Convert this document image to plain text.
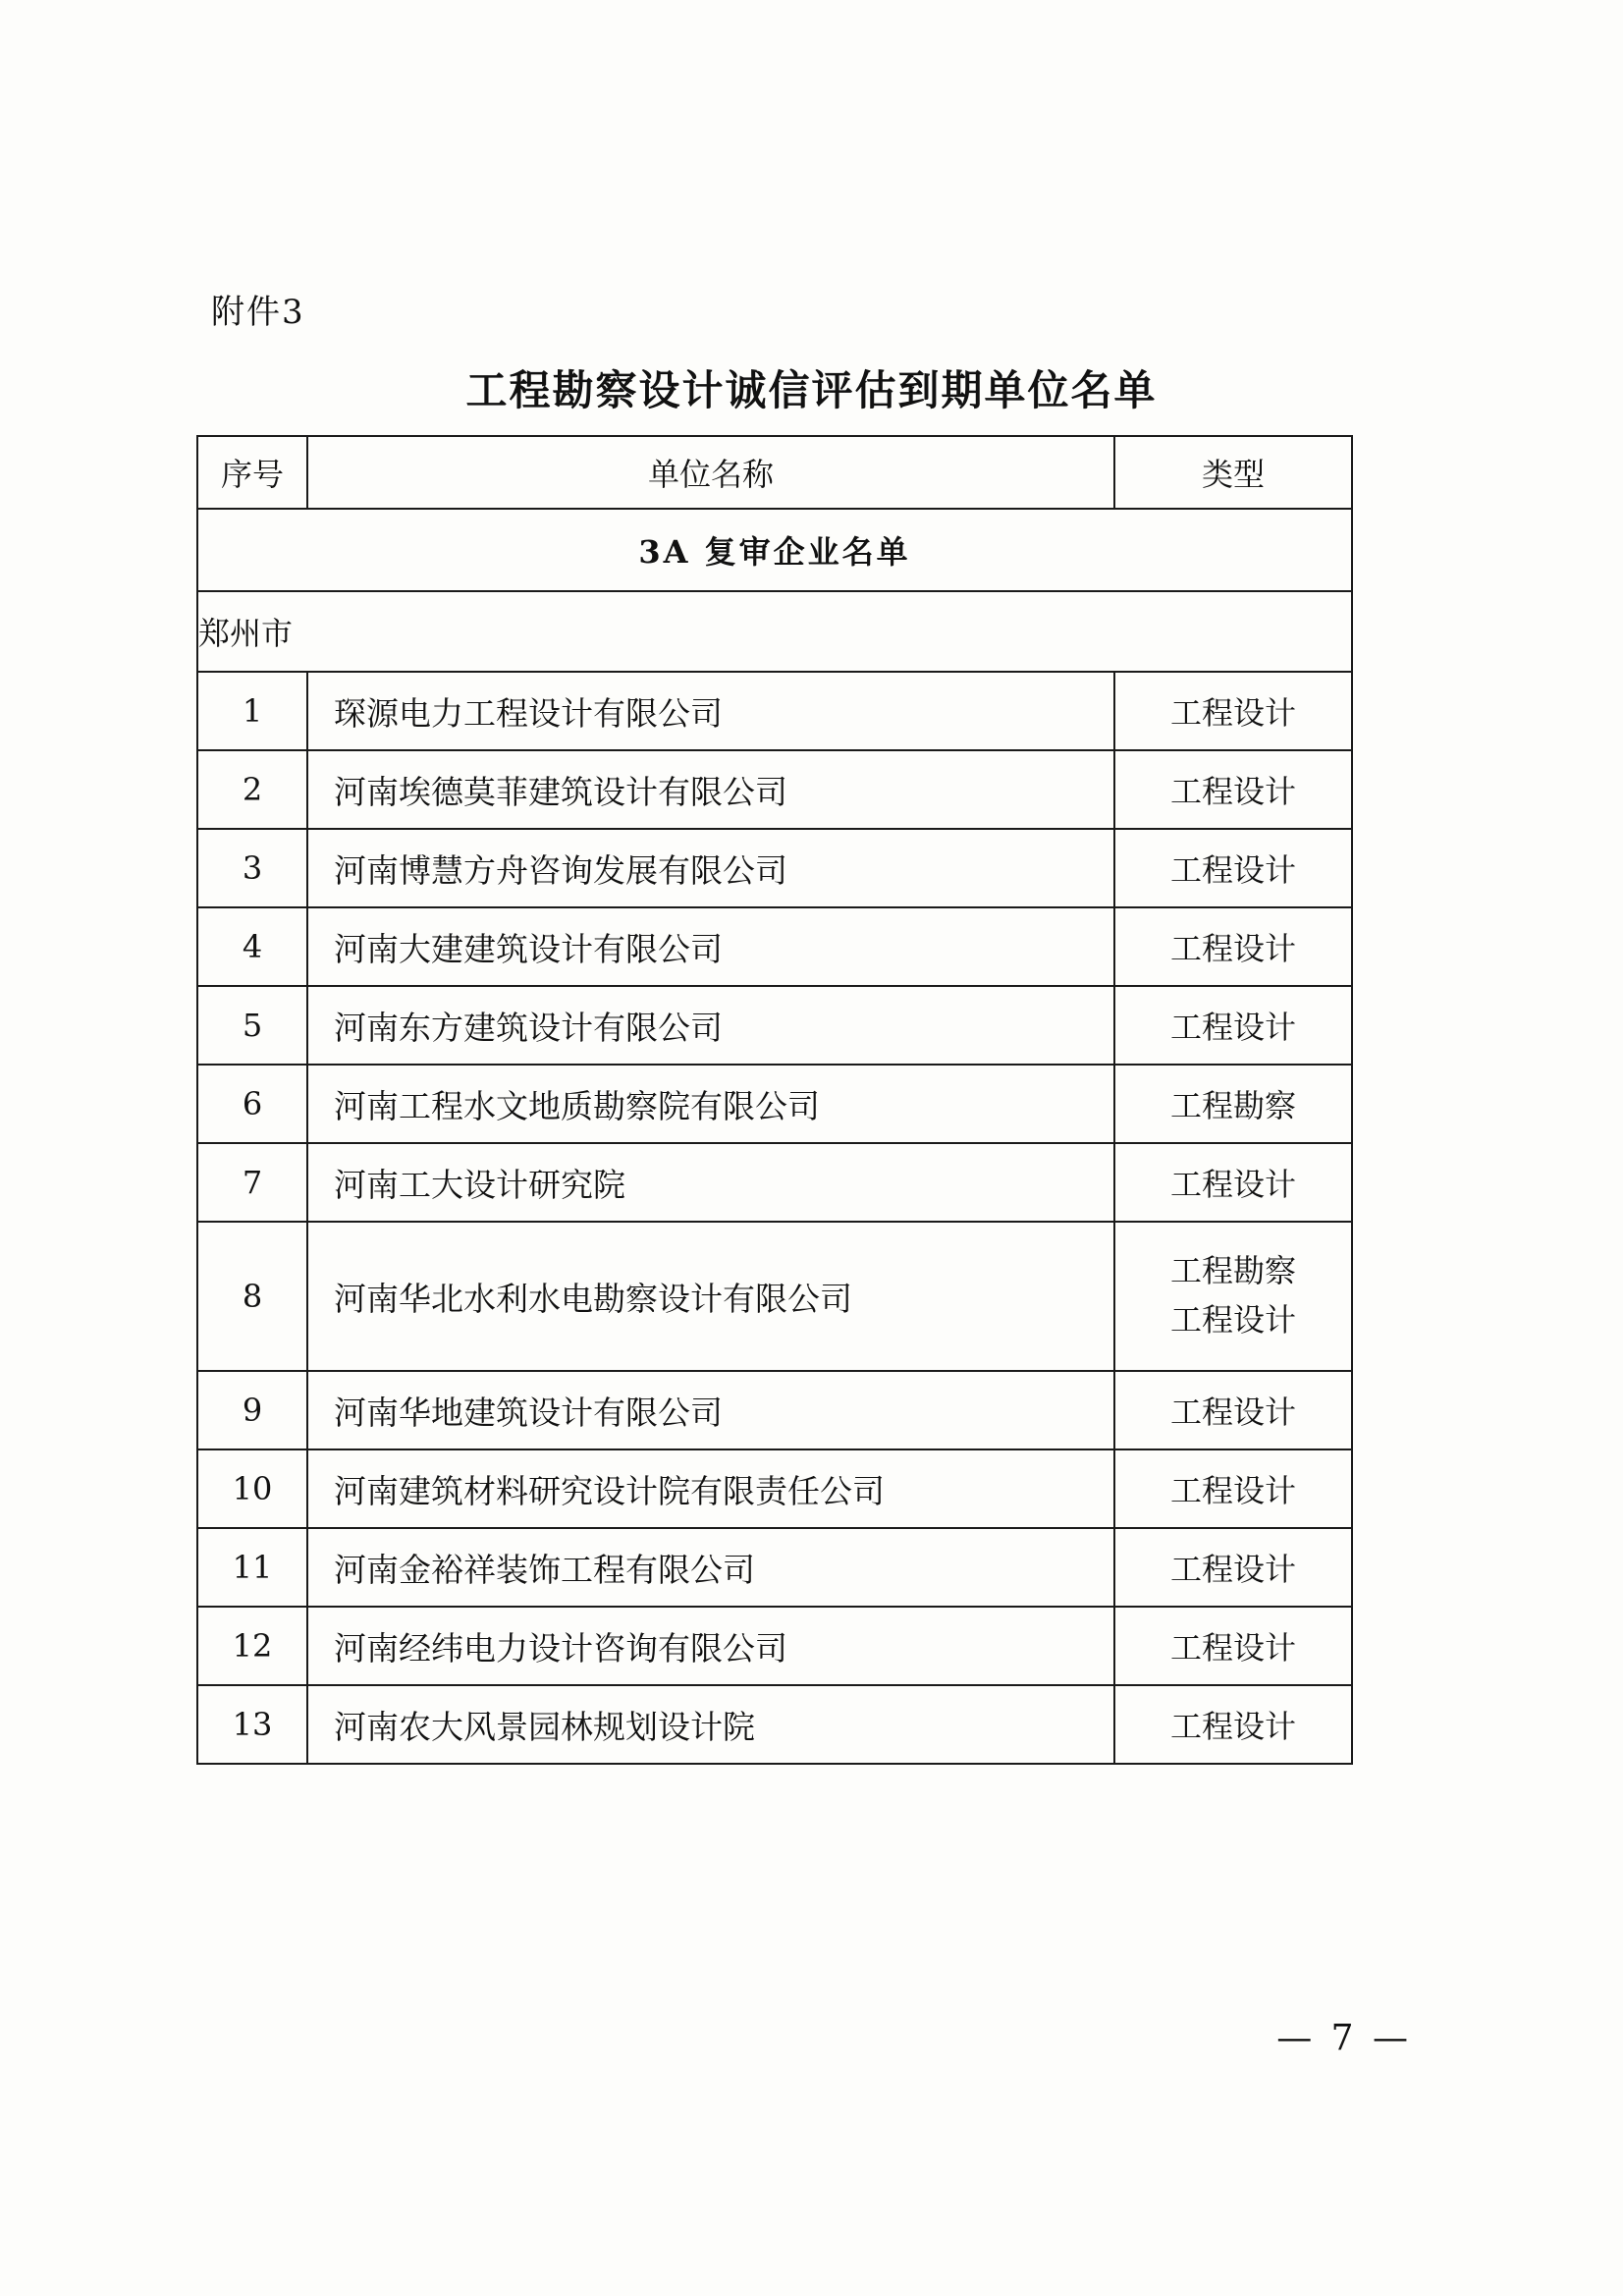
附件3
工程勘察设计诚信评估到期单位名单
序号	单位名称	类型
3A 复审企业名单		
郑州市		
1	琛源电力工程设计有限公司	工程设计
2	河南埃德莫菲建筑设计有限公司	工程设计
3	河南博慧方舟咨询发展有限公司	工程设计
4	河南大建建筑设计有限公司	工程设计
5	河南东方建筑设计有限公司	工程设计
6	河南工程水文地质勘察院有限公司	工程勘察
7	河南工大设计研究院	工程设计
8	河南华北水利水电勘察设计有限公司	工程勘察
工程设计

9	河南华地建筑设计有限公司	工程设计
10	河南建筑材料研究设计院有限责任公司	工程设计
11	河南金裕祥装饰工程有限公司	工程设计
12	河南经纬电力设计咨询有限公司	工程设计
13	河南农大风景园林规划设计院	工程设计
— 7 —
